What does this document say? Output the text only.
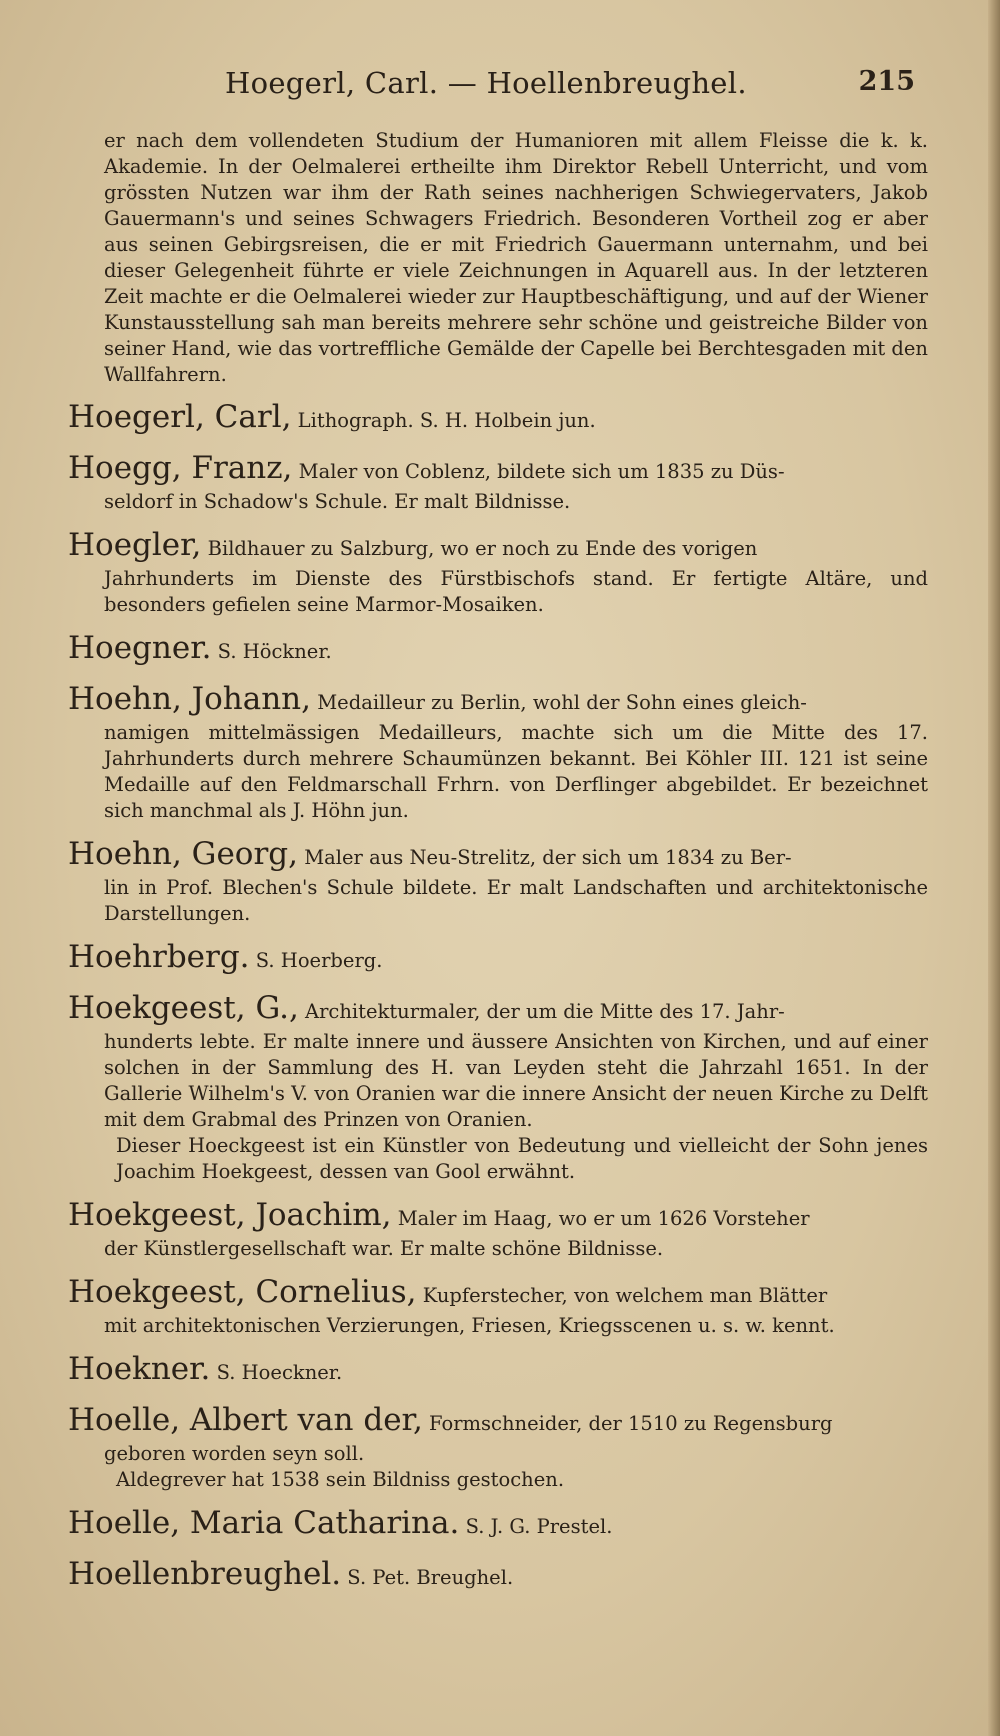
Hoegerl, Carl. — Hoellenbreughel.	215
er nach dem vollendeten Studium der Humanioren mit allem Fleisse die k. k. Akademie. In der Oelmalerei ertheilte ihm Direktor Rebell Unterricht, und vom grössten Nutzen war ihm der Rath seines nachherigen Schwiegervaters, Jakob Gauermann's und seines Schwagers Friedrich. Besonderen Vortheil zog er aber aus seinen Gebirgsreisen, die er mit Friedrich Gauermann unternahm, und bei dieser Gelegenheit führte er viele Zeichnungen in Aquarell aus. In der letzteren Zeit machte er die Oelmalerei wieder zur Hauptbeschäftigung, und auf der Wiener Kunstausstellung sah man bereits mehrere sehr schöne und geistreiche Bilder von seiner Hand, wie das vortreffliche Gemälde der Capelle bei Berchtesgaden mit den Wallfahrern.
Hoegerl, Carl, Lithograph. S. H. Holbein jun.
Hoegg, Franz, Maler von Coblenz, bildete sich um 1835 zu Düs-
seldorf in Schadow's Schule. Er malt Bildnisse.
Hoegler, Bildhauer zu Salzburg, wo er noch zu Ende des vorigen
Jahrhunderts im Dienste des Fürstbischofs stand. Er fertigte Altäre, und besonders gefielen seine Marmor-Mosaiken.
Hoegner. S. Höckner.
Hoehn, Johann, Medailleur zu Berlin, wohl der Sohn eines gleich-
namigen mittelmässigen Medailleurs, machte sich um die Mitte des 17. Jahrhunderts durch mehrere Schaumünzen bekannt. Bei Köhler III. 121 ist seine Medaille auf den Feldmarschall Frhrn. von Derflinger abgebildet. Er bezeichnet sich manchmal als J. Höhn jun.
Hoehn, Georg, Maler aus Neu-Strelitz, der sich um 1834 zu Ber-
lin in Prof. Blechen's Schule bildete. Er malt Landschaften und architektonische Darstellungen.
Hoehrberg. S. Hoerberg.
Hoekgeest, G., Architekturmaler, der um die Mitte des 17. Jahr-
hunderts lebte. Er malte innere und äussere Ansichten von Kirchen, und auf einer solchen in der Sammlung des H. van Leyden steht die Jahrzahl 1651. In der Gallerie Wilhelm's V. von Oranien war die innere Ansicht der neuen Kirche zu Delft mit dem Grabmal des Prinzen von Oranien.
Dieser Hoeckgeest ist ein Künstler von Bedeutung und vielleicht der Sohn jenes Joachim Hoekgeest, dessen van Gool erwähnt.
Hoekgeest, Joachim, Maler im Haag, wo er um 1626 Vorsteher
der Künstlergesellschaft war. Er malte schöne Bildnisse.
Hoekgeest, Cornelius, Kupferstecher, von welchem man Blätter
mit architektonischen Verzierungen, Friesen, Kriegsscenen u. s. w. kennt.
Hoekner. S. Hoeckner.
Hoelle, Albert van der, Formschneider, der 1510 zu Regensburg
geboren worden seyn soll.
Aldegrever hat 1538 sein Bildniss gestochen.
Hoelle, Maria Catharina. S. J. G. Prestel.
Hoellenbreughel. S. Pet. Breughel.
